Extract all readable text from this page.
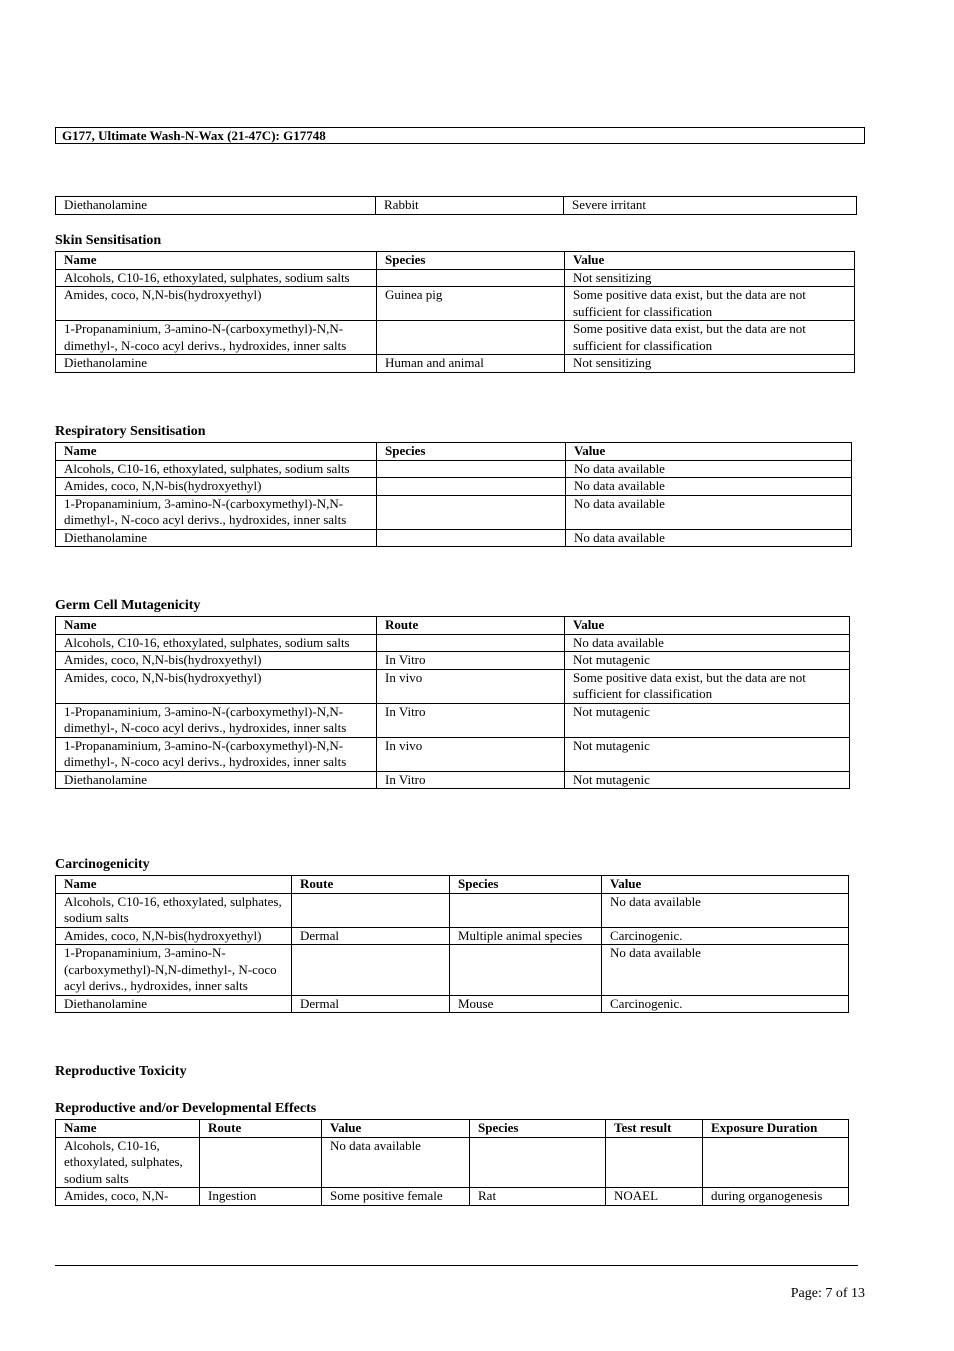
G177, Ultimate Wash-N-Wax (21-47C): G17748
Diethanolamine	Rabbit	Severe irritant
Skin Sensitisation
Name	Species	Value
Alcohols, C10-16, ethoxylated, sulphates, sodium salts		Not sensitizing
Amides, coco, N,N-bis(hydroxyethyl)	Guinea pig	Some positive data exist, but the data are not sufficient for classification
1-Propanaminium, 3-amino-N-(carboxymethyl)-N,N-dimethyl-, N-coco acyl derivs., hydroxides, inner salts		Some positive data exist, but the data are not sufficient for classification
Diethanolamine	Human and animal	Not sensitizing
Respiratory Sensitisation
Name	Species	Value
Alcohols, C10-16, ethoxylated, sulphates, sodium salts		No data available
Amides, coco, N,N-bis(hydroxyethyl)		No data available
1-Propanaminium, 3-amino-N-(carboxymethyl)-N,N-dimethyl-, N-coco acyl derivs., hydroxides, inner salts		No data available
Diethanolamine		No data available
Germ Cell Mutagenicity
Name	Route	Value
Alcohols, C10-16, ethoxylated, sulphates, sodium salts		No data available
Amides, coco, N,N-bis(hydroxyethyl)	In Vitro	Not mutagenic
Amides, coco, N,N-bis(hydroxyethyl)	In vivo	Some positive data exist, but the data are not sufficient for classification
1-Propanaminium, 3-amino-N-(carboxymethyl)-N,N-dimethyl-, N-coco acyl derivs., hydroxides, inner salts	In Vitro	Not mutagenic
1-Propanaminium, 3-amino-N-(carboxymethyl)-N,N-dimethyl-, N-coco acyl derivs., hydroxides, inner salts	In vivo	Not mutagenic
Diethanolamine	In Vitro	Not mutagenic
Carcinogenicity
Name	Route	Species	Value
Alcohols, C10-16, ethoxylated, sulphates, sodium salts			No data available
Amides, coco, N,N-bis(hydroxyethyl)	Dermal	Multiple animal species	Carcinogenic.
1-Propanaminium, 3-amino-N-(carboxymethyl)-N,N-dimethyl-, N-coco acyl derivs., hydroxides, inner salts			No data available
Diethanolamine	Dermal	Mouse	Carcinogenic.
Reproductive Toxicity
Reproductive and/or Developmental Effects
Name	Route	Value	Species	Test result	Exposure Duration
Alcohols, C10-16, ethoxylated, sulphates, sodium salts		No data available			
Amides, coco, N,N-	Ingestion	Some positive female	Rat	NOAEL	during organogenesis
Page: 7 of 13
